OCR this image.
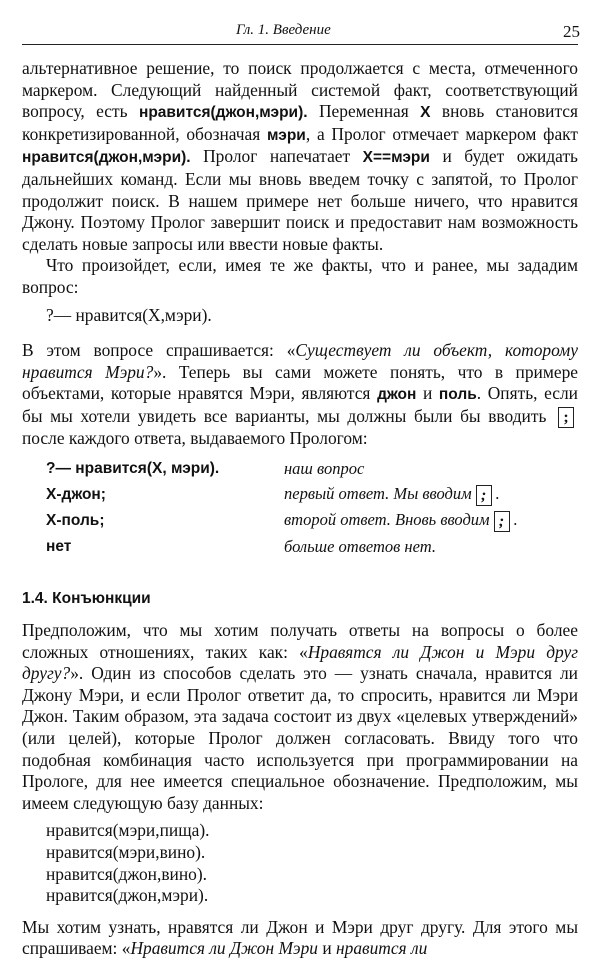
Гл. 1. Введение	25

альтернативное решение, то поиск продолжается с места, отмеченного маркером. Следующий найденный системой факт, соответствующий вопросу, есть нравится(джон,мэри). Переменная Х вновь становится конкретизированной, обозначая мэри, а Пролог отмечает маркером факт нравится(джон,мэри). Пролог напечатает Х==мэри и будет ожидать дальнейших команд. Если мы вновь введем точку с запятой, то Пролог продолжит поиск. В нашем примере нет больше ничего, что нравится Джону. Поэтому Пролог завершит поиск и предоставит нам возможность сделать новые запросы или ввести новые факты.

Что произойдет, если, имея те же факты, что и ранее, мы зададим вопрос:

?— нравится(Х,мэри).

В этом вопросе спрашивается: «Существует ли объект, которому нравится Мэри?». Теперь вы сами можете понять, что в примере объектами, которые нравятся Мэри, являются джон и поль. Опять, если бы мы хотели увидеть все варианты, мы должны были бы вводить ; после каждого ответа, выдаваемого Прологом:

?— нравится(Х, мэри).	наш вопрос
Х-джон;	первый ответ. Мы вводим ; .
Х-поль;	второй ответ. Вновь вводим ; .
нет	больше ответов нет.
1.4. Конъюнкции

Предположим, что мы хотим получать ответы на вопросы о более сложных отношениях, таких как: «Нравятся ли Джон и Мэри друг другу?». Один из способов сделать это — узнать сначала, нравится ли Джону Мэри, и если Пролог ответит да, то спросить, нравится ли Мэри Джон. Таким образом, эта задача состоит из двух «целевых утверждений» (или целей), которые Пролог должен согласовать. Ввиду того что подобная комбинация часто используется при программировании на Прологе, для нее имеется специальное обозначение. Предположим, мы имеем следующую базу данных:

нравится(мэри,пища).
нравится(мэри,вино).
нравится(джон,вино).
нравится(джон,мэри).

Мы хотим узнать, нравятся ли Джон и Мэри друг другу. Для этого мы спрашиваем: «Нравится ли Джон Мэри и нравится ли
